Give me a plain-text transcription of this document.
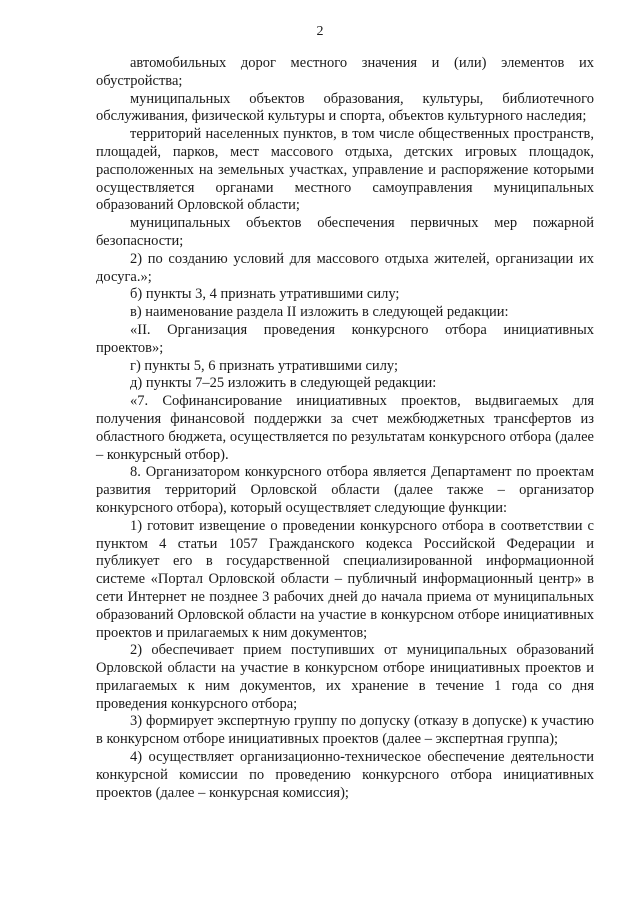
2

автомобильных дорог местного значения и (или) элементов их обустройства;

муниципальных объектов образования, культуры, библиотечного обслуживания, физической культуры и спорта, объектов культурного наследия;

территорий населенных пунктов, в том числе общественных пространств, площадей, парков, мест массового отдыха, детских игровых площадок, расположенных на земельных участках, управление и распоряжение которыми осуществляется органами местного самоуправления муниципальных образований Орловской области;

муниципальных объектов обеспечения первичных мер пожарной безопасности;

2) по созданию условий для массового отдыха жителей, организации их досуга.»;

б) пункты 3, 4 признать утратившими силу;

в) наименование раздела II изложить в следующей редакции:

«II. Организация проведения конкурсного отбора инициативных проектов»;

г) пункты 5, 6 признать утратившими силу;

д) пункты 7–25 изложить в следующей редакции:

«7. Софинансирование инициативных проектов, выдвигаемых для получения финансовой поддержки за счет межбюджетных трансфертов из областного бюджета, осуществляется по результатам конкурсного отбора (далее – конкурсный отбор).

8. Организатором конкурсного отбора является Департамент по проектам развития территорий Орловской области (далее также – организатор конкурсного отбора), который осуществляет следующие функции:

1) готовит извещение о проведении конкурсного отбора в соответствии с пунктом 4 статьи 1057 Гражданского кодекса Российской Федерации и публикует его в государственной специализированной информационной системе «Портал Орловской области – публичный информационный центр» в сети Интернет не позднее 3 рабочих дней до начала приема от муниципальных образований Орловской области на участие в конкурсном отборе инициативных проектов и прилагаемых к ним документов;

2) обеспечивает прием поступивших от муниципальных образований Орловской области на участие в конкурсном отборе инициативных проектов и прилагаемых к ним документов, их хранение в течение 1 года со дня проведения конкурсного отбора;

3) формирует экспертную группу по допуску (отказу в допуске) к участию в конкурсном отборе инициативных проектов (далее – экспертная группа);

4) осуществляет организационно-техническое обеспечение деятельности конкурсной комиссии по проведению конкурсного отбора инициативных проектов (далее – конкурсная комиссия);
